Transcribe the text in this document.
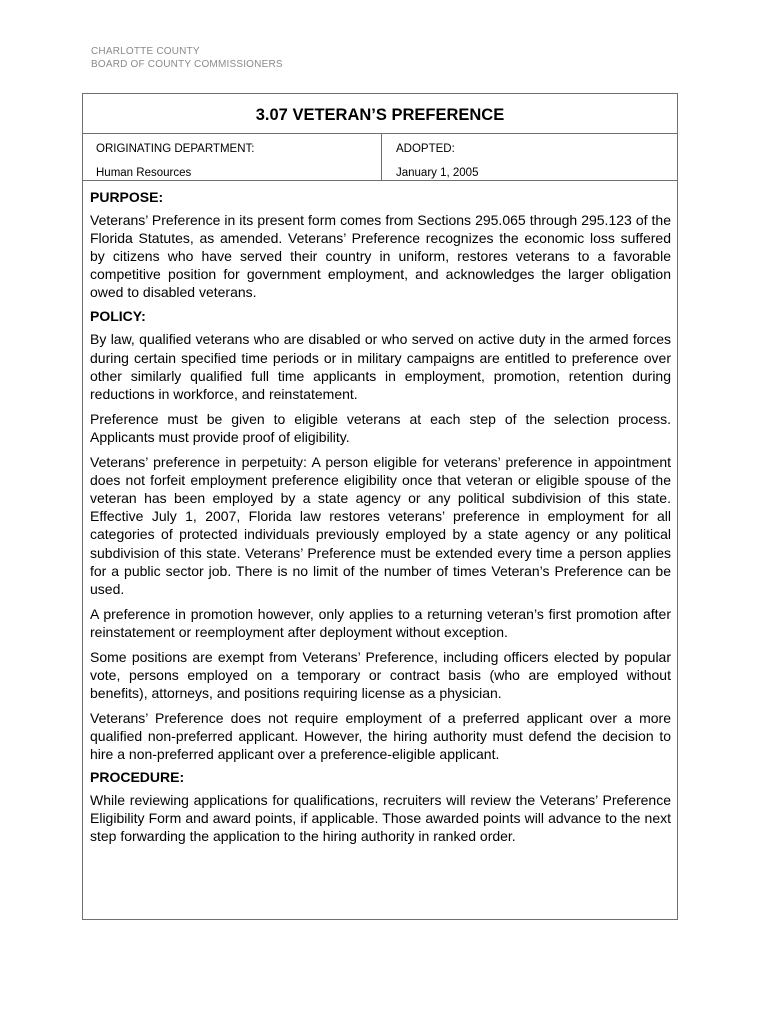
CHARLOTTE COUNTY
BOARD OF COUNTY COMMISSIONERS
3.07 VETERAN’S PREFERENCE
ORIGINATING DEPARTMENT:
Human Resources
ADOPTED:
January 1, 2005
PURPOSE:

Veterans’ Preference in its present form comes from Sections 295.065 through 295.123 of the Florida Statutes, as amended. Veterans’ Preference recognizes the economic loss suffered by citizens who have served their country in uniform, restores veterans to a favorable competitive position for government employment, and acknowledges the larger obligation owed to disabled veterans.

POLICY:

By law, qualified veterans who are disabled or who served on active duty in the armed forces during certain specified time periods or in military campaigns are entitled to preference over other similarly qualified full time applicants in employment, promotion, retention during reductions in workforce, and reinstatement.

Preference must be given to eligible veterans at each step of the selection process. Applicants must provide proof of eligibility.

Veterans’ preference in perpetuity: A person eligible for veterans’ preference in appointment does not forfeit employment preference eligibility once that veteran or eligible spouse of the veteran has been employed by a state agency or any political subdivision of this state. Effective July 1, 2007, Florida law restores veterans’ preference in employment for all categories of protected individuals previously employed by a state agency or any political subdivision of this state. Veterans’ Preference must be extended every time a person applies for a public sector job. There is no limit of the number of times Veteran’s Preference can be used.

A preference in promotion however, only applies to a returning veteran’s first promotion after reinstatement or reemployment after deployment without exception.

Some positions are exempt from Veterans’ Preference, including officers elected by popular vote, persons employed on a temporary or contract basis (who are employed without benefits), attorneys, and positions requiring license as a physician.

Veterans’ Preference does not require employment of a preferred applicant over a more qualified non-preferred applicant. However, the hiring authority must defend the decision to hire a non-preferred applicant over a preference-eligible applicant.

PROCEDURE:

While reviewing applications for qualifications, recruiters will review the Veterans’ Preference Eligibility Form and award points, if applicable. Those awarded points will advance to the next step forwarding the application to the hiring authority in ranked order.
